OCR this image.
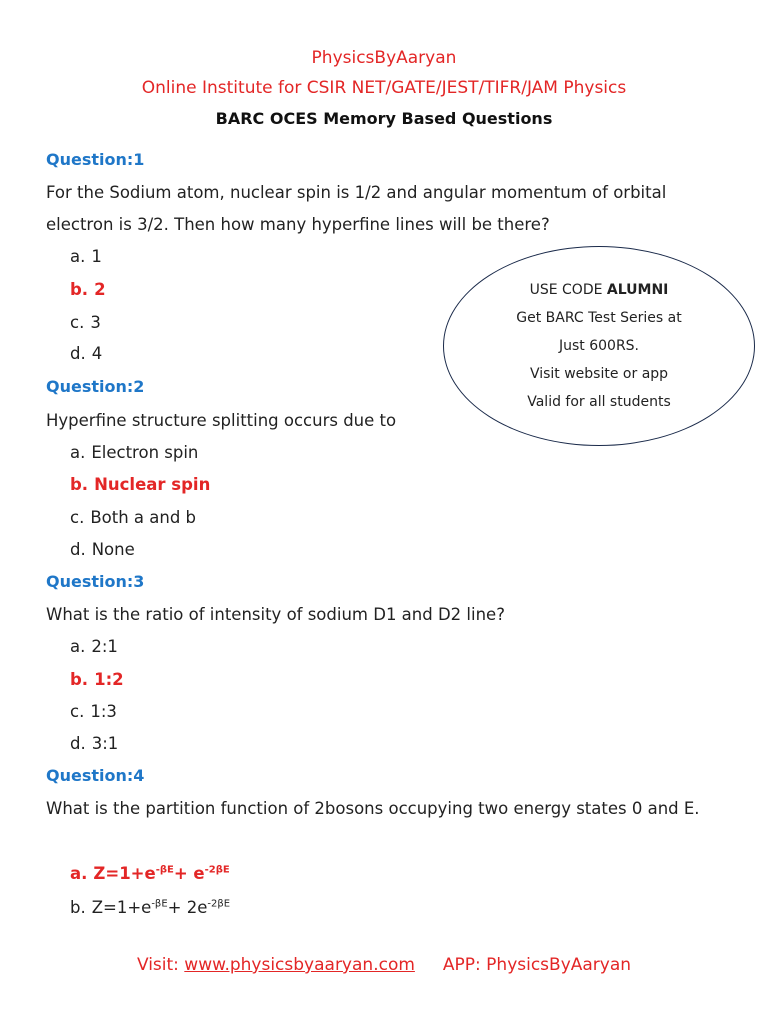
PhysicsByAaryan
Online Institute for CSIR NET/GATE/JEST/TIFR/JAM Physics
BARC OCES Memory Based Questions
Question:1
For the Sodium atom, nuclear spin is 1/2 and angular momentum of orbital electron is 3/2. Then how many hyperfine lines will be there?
a. 1
b. 2
c. 3
d. 4
Question:2
Hyperfine structure splitting occurs due to
a. Electron spin
b. Nuclear spin
c. Both a and b
d. None
Question:3
What is the ratio of intensity of sodium D1 and D2 line?
a. 2:1
b. 1:2
c. 1:3
d. 3:1
Question:4
What is the partition function of 2bosons occupying two energy states 0 and E.
a. $Z=1+e^{-\beta E}+ e^{-2\beta E}$
b. $Z=1+e^{-\beta E}+ 2e^{-2\beta E}$
USE CODE ALUMNI
Get BARC Test Series at
Just 600RS.
Visit website or app
Valid for all students
Visit: www.physicsbyaaryan.com APP: PhysicsByAaryan
